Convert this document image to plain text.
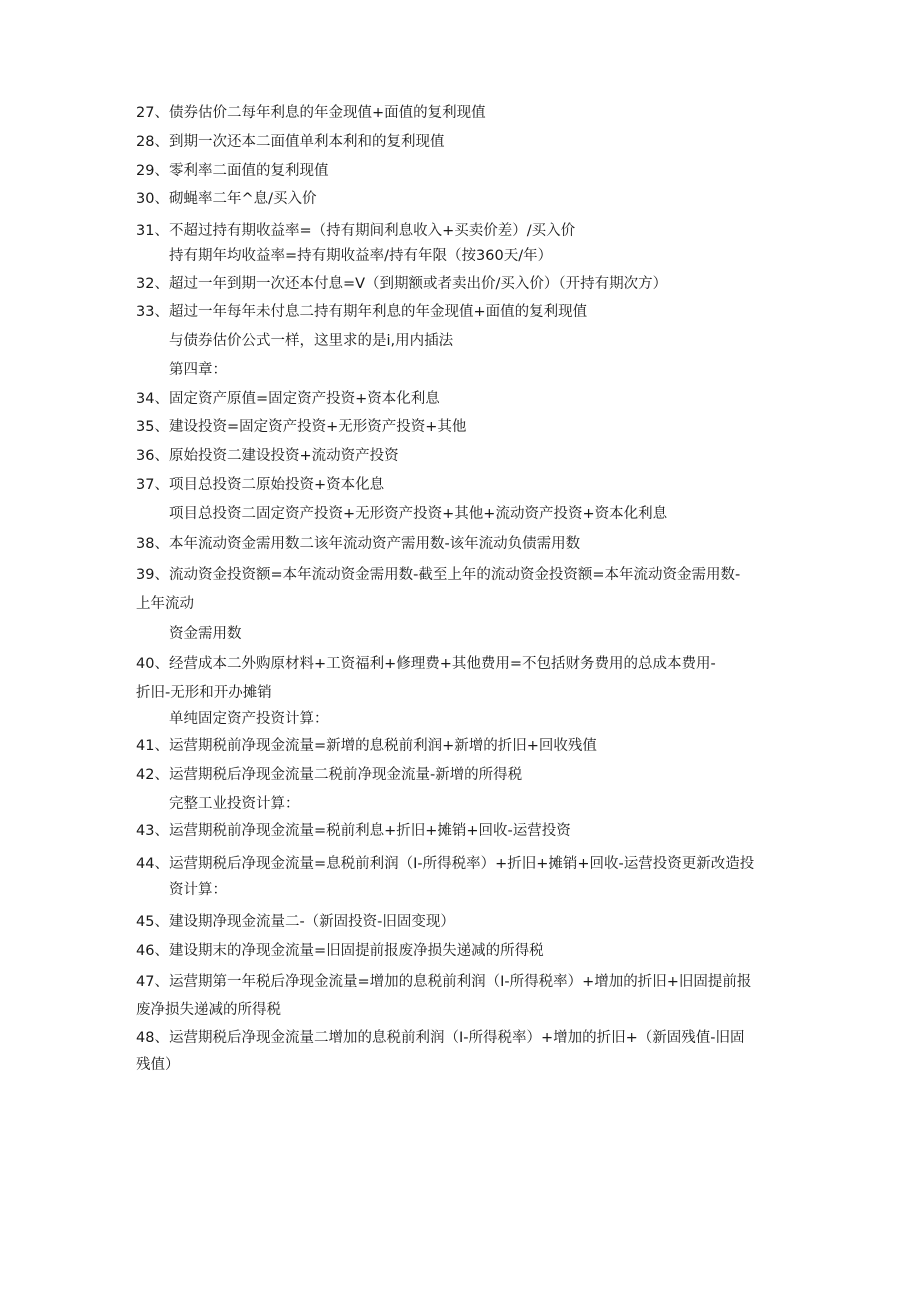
27、债券估价二每年利息的年金现值+面值的复利现值
28、到期一次还本二面值单利本利和的复利现值
29、零利率二面值的复利现值
30、砌蝇率二年^息/买入价
31、不超过持有期收益率=（持有期间利息收入+买卖价差）/买入价
持有期年均收益率=持有期收益率/持有年限（按360天/年）
32、超过一年到期一次还本付息=V（到期额或者卖出价/买入价）（开持有期次方）
33、超过一年每年未付息二持有期年利息的年金现值+面值的复利现值
与债券估价公式一样，这里求的是i,用内插法
第四章：
34、固定资产原值=固定资产投资+资本化利息
35、建设投资=固定资产投资+无形资产投资+其他
36、原始投资二建设投资+流动资产投资
37、项目总投资二原始投资+资本化息
项目总投资二固定资产投资+无形资产投资+其他+流动资产投资+资本化利息
38、本年流动资金需用数二该年流动资产需用数-该年流动负债需用数
39、流动资金投资额=本年流动资金需用数-截至上年的流动资金投资额=本年流动资金需用数-
上年流动
资金需用数
40、经营成本二外购原材料+工资福利+修理费+其他费用=不包括财务费用的总成本费用-
折旧-无形和开办摊销
单纯固定资产投资计算：
41、运营期税前净现金流量=新增的息税前利润+新增的折旧+回收残值
42、运营期税后净现金流量二税前净现金流量-新增的所得税
完整工业投资计算：
43、运营期税前净现金流量=税前利息+折旧+摊销+回收-运营投资
44、运营期税后净现金流量=息税前利润（I-所得税率）+折旧+摊销+回收-运营投资更新改造投
资计算：
45、建设期净现金流量二-（新固投资-旧固变现）
46、建设期末的净现金流量=旧固提前报废净损失递减的所得税
47、运营期第一年税后净现金流量=增加的息税前利润（I-所得税率）+增加的折旧+旧固提前报
废净损失递减的所得税
48、运营期税后净现金流量二增加的息税前利润（I-所得税率）+增加的折旧+（新固残值-旧固
残值）
